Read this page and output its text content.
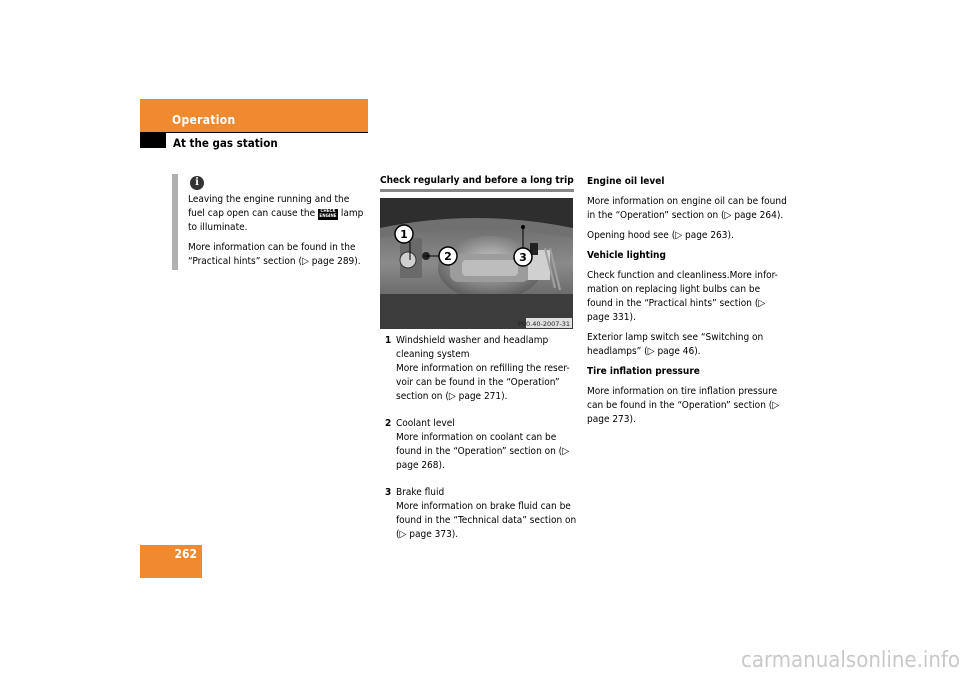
Operation
At the gas station
i

Leaving the engine running and the fuel cap open can cause the CHECK
ENGINE lamp to illuminate.

More information can be found in the “Practical hints” section (▷ page 289).

Check regularly and before a long trip
1
2	3
P00.40-2007-31
1 Windshield washer and headlamp cleaning system

More information on refilling the reser-voir can be found in the “Operation” section on (▷ page 271).

2 Coolant level

More information on coolant can be found in the “Operation” section on (▷ page 268).

3 Brake fluid

More information on brake fluid can be found in the “Technical data” section on (▷ page 373).

Engine oil level

More information on engine oil can be found in the “Operation” section on (▷ page 264).

Opening hood see (▷ page 263).

Vehicle lighting

Check function and cleanliness.More infor-mation on replacing light bulbs can be found in the “Practical hints” section (▷ page 331).

Exterior lamp switch see “Switching on headlamps” (▷ page 46).

Tire inflation pressure

More information on tire inflation pressure can be found in the “Operation” section (▷ page 273).

262
carmanualsonline.info
